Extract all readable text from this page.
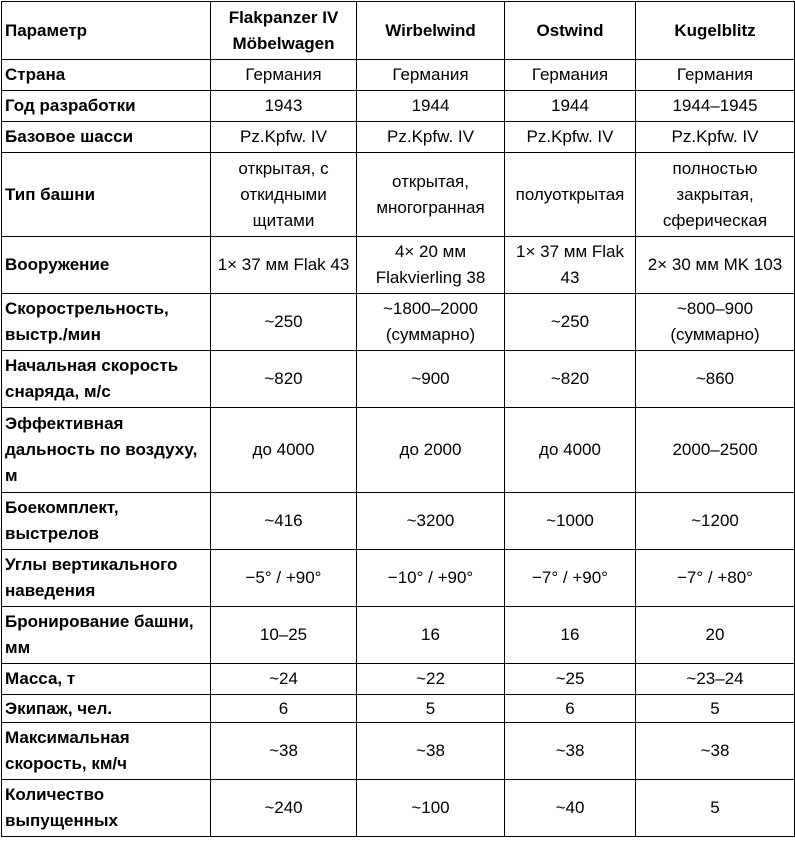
Параметр	Flakpanzer IV Möbelwagen	Wirbelwind	Ostwind	Kugelblitz
Страна	Германия	Германия	Германия	Германия
Год разработки	1943	1944	1944	1944–1945
Базовое шасси	Pz.Kpfw. IV	Pz.Kpfw. IV	Pz.Kpfw. IV	Pz.Kpfw. IV
Тип башни	открытая, с откидными щитами	открытая, многогранная	полуоткрытая	полностью закрытая, сферическая
Вооружение	1× 37 мм Flak 43	4× 20 мм Flakvierling 38	1× 37 мм Flak 43	2× 30 мм MK 103
Скорострельность, выстр./мин	~250	~1800–2000 (суммарно)	~250	~800–900 (суммарно)
Начальная скорость снаряда, м/с	~820	~900	~820	~860
Эффективная дальность по воздуху, м	до 4000	до 2000	до 4000	2000–2500
Боекомплект, выстрелов	~416	~3200	~1000	~1200
Углы вертикального наведения	−5° / +90°	−10° / +90°	−7° / +90°	−7° / +80°
Бронирование башни, мм	10–25	16	16	20
Масса, т	~24	~22	~25	~23–24
Экипаж, чел.	6	5	6	5
Максимальная скорость, км/ч	~38	~38	~38	~38
Количество выпущенных	~240	~100	~40	5
